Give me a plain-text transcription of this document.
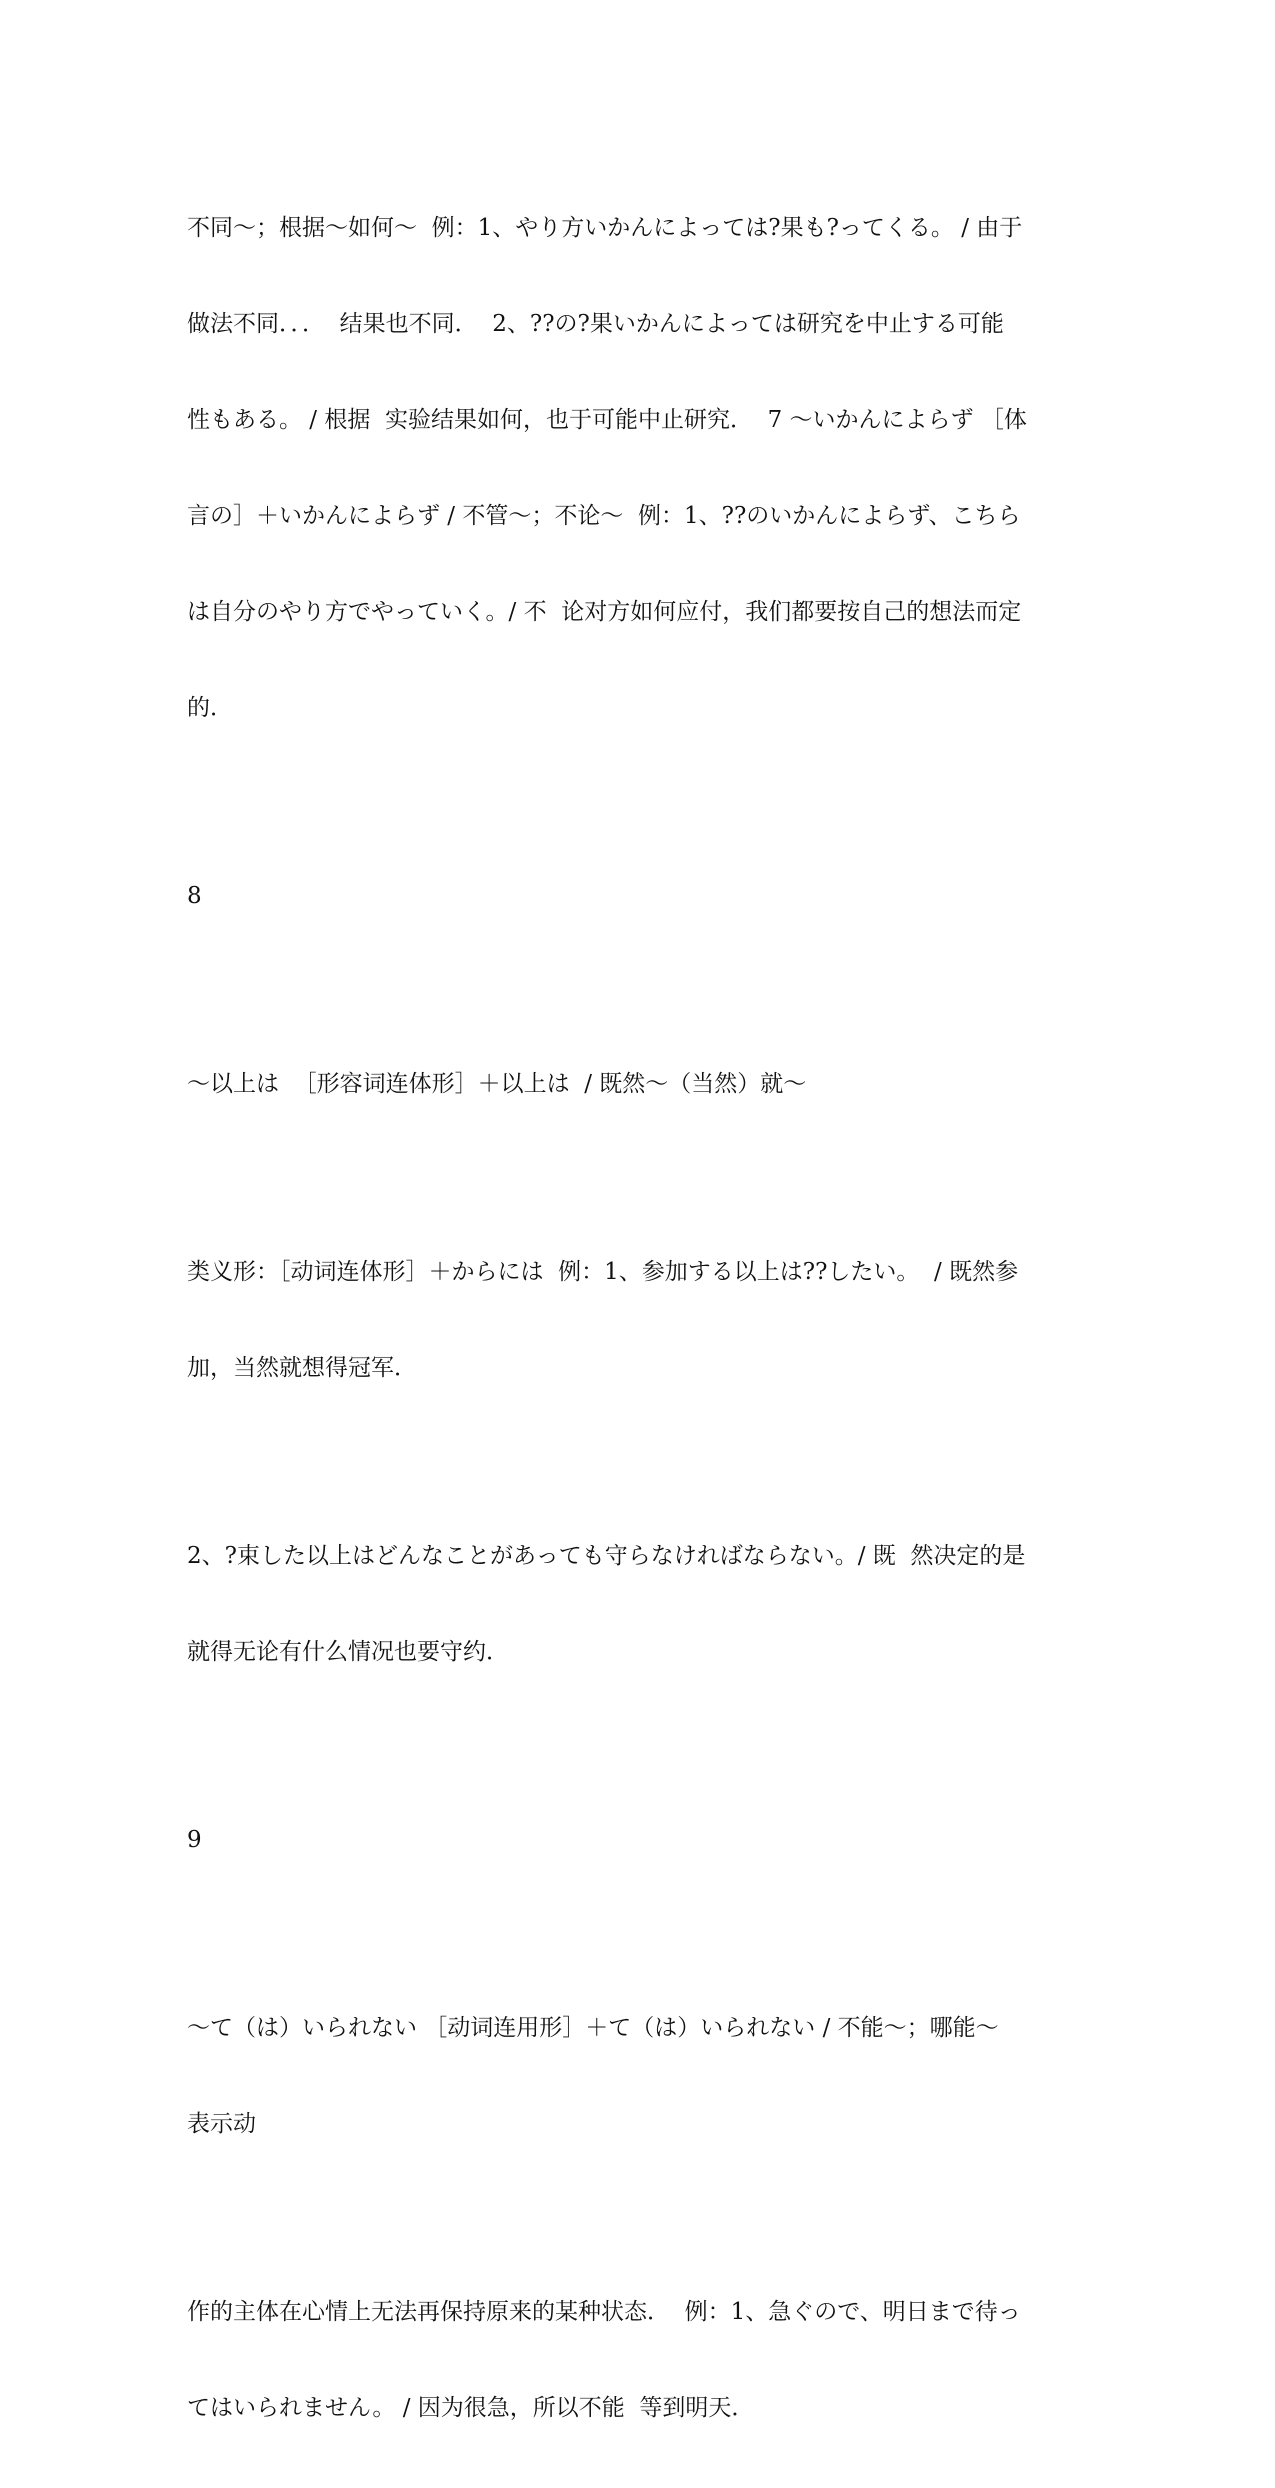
不同～；根据～如何～  例：1、やり方いかんによっては?果も?ってくる。 / 由于

做法不同．．．  结果也不同．  2、??の?果いかんによっては研究を中止する可能

性もある。 / 根据  实验结果如何，也于可能中止研究．  7 ～いかんによらず ［体

言の］＋いかんによらず / 不管～；不论～  例：1、??のいかんによらず、こちら

は自分のやり方でやっていく。/ 不  论对方如何应付，我们都要按自己的想法而定

的．

8

～以上は  ［形容词连体形］＋以上は  / 既然～（当然）就～

类义形：［动词连体形］＋からには  例：1、参加する以上は??したい。  / 既然参

加，当然就想得冠军．

2、?束した以上はどんなことがあっても守らなければならない。/ 既  然决定的是

就得无论有什么情况也要守约．

9

～て（は）いられない ［动词连用形］＋て（は）いられない / 不能～；哪能～

表示动

作的主体在心情上无法再保持原来的某种状态．  例：1、急ぐので、明日まで待っ

てはいられません。 / 因为很急，所以不能  等到明天．
